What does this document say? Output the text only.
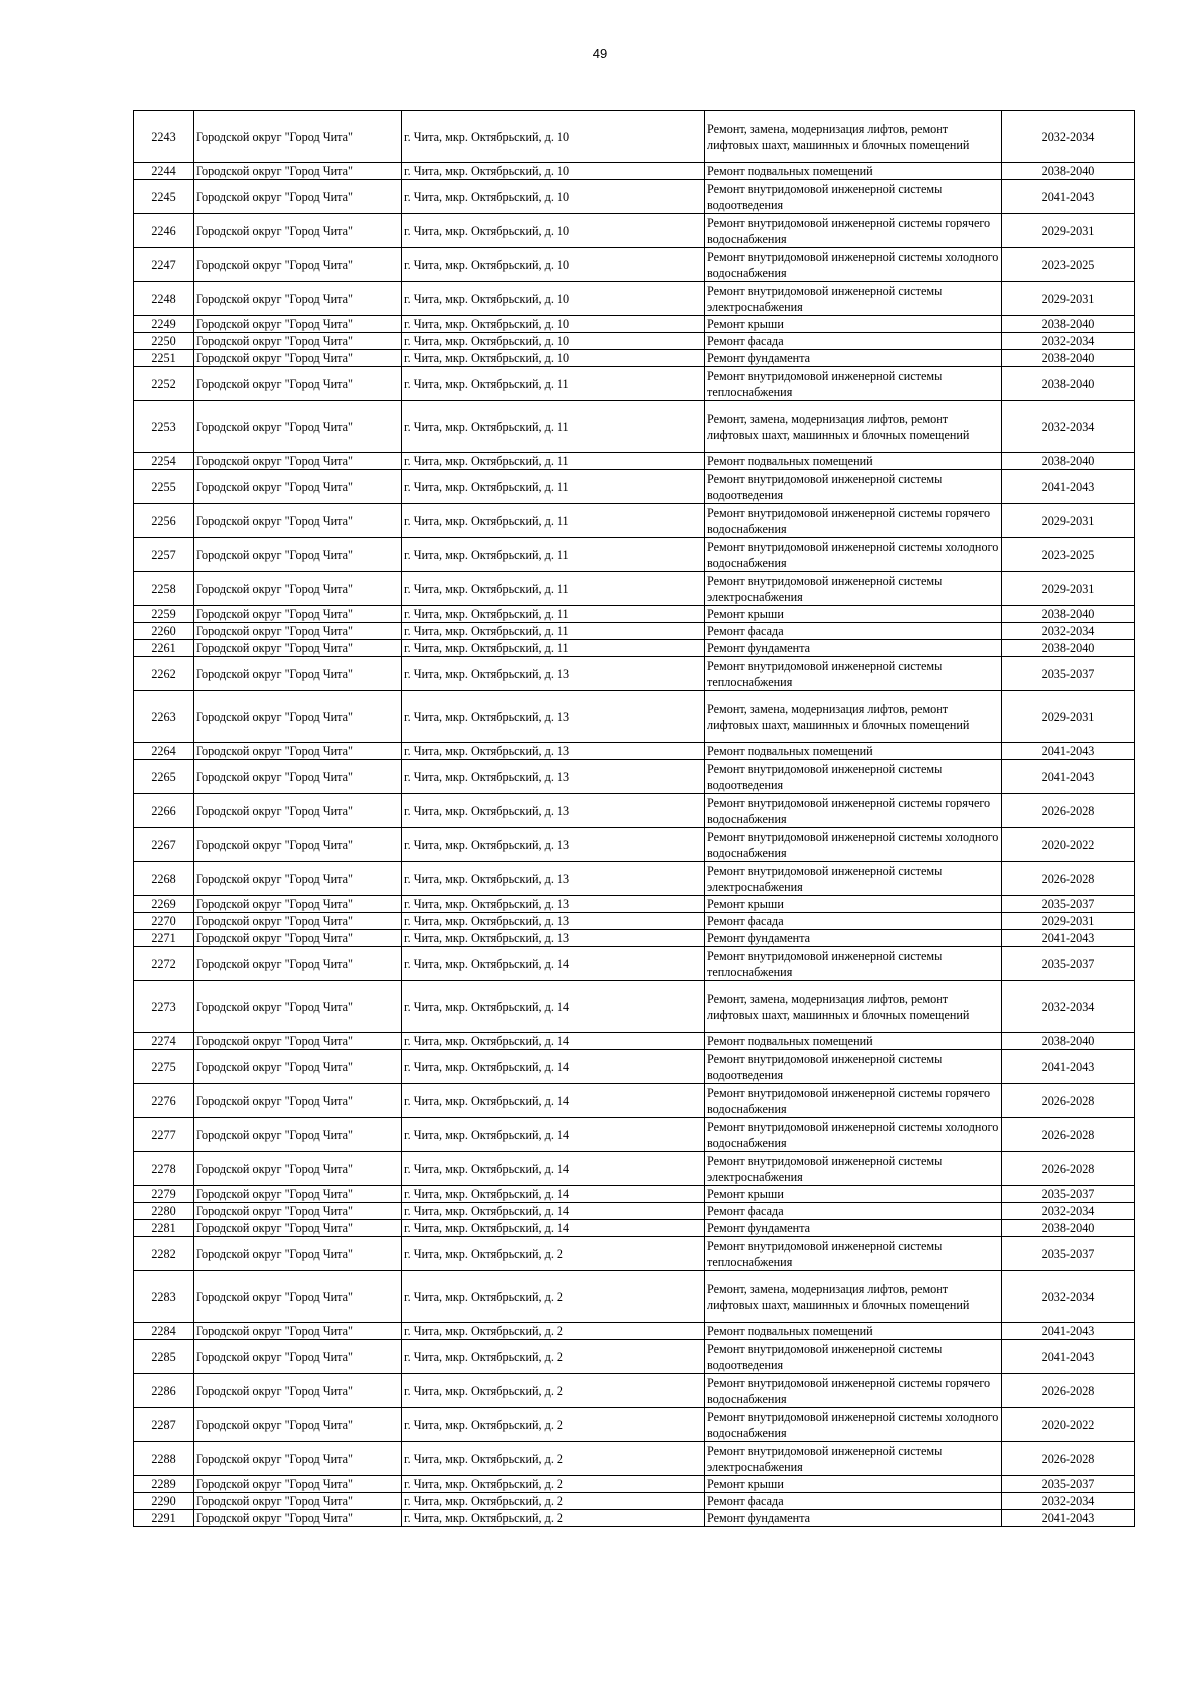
49
2243	Городской округ "Город Чита"	г. Чита, мкр. Октябрьский, д. 10	Ремонт, замена, модернизация лифтов, ремонт лифтовых шахт, машинных и блочных помещений	2032-2034
2244	Городской округ "Город Чита"	г. Чита, мкр. Октябрьский, д. 10	Ремонт подвальных помещений	2038-2040
2245	Городской округ "Город Чита"	г. Чита, мкр. Октябрьский, д. 10	Ремонт внутридомовой инженерной системы водоотведения	2041-2043
2246	Городской округ "Город Чита"	г. Чита, мкр. Октябрьский, д. 10	Ремонт внутридомовой инженерной системы горячего водоснабжения	2029-2031
2247	Городской округ "Город Чита"	г. Чита, мкр. Октябрьский, д. 10	Ремонт внутридомовой инженерной системы холодного водоснабжения	2023-2025
2248	Городской округ "Город Чита"	г. Чита, мкр. Октябрьский, д. 10	Ремонт внутридомовой инженерной системы электроснабжения	2029-2031
2249	Городской округ "Город Чита"	г. Чита, мкр. Октябрьский, д. 10	Ремонт крыши	2038-2040
2250	Городской округ "Город Чита"	г. Чита, мкр. Октябрьский, д. 10	Ремонт фасада	2032-2034
2251	Городской округ "Город Чита"	г. Чита, мкр. Октябрьский, д. 10	Ремонт фундамента	2038-2040
2252	Городской округ "Город Чита"	г. Чита, мкр. Октябрьский, д. 11	Ремонт внутридомовой инженерной системы теплоснабжения	2038-2040
2253	Городской округ "Город Чита"	г. Чита, мкр. Октябрьский, д. 11	Ремонт, замена, модернизация лифтов, ремонт лифтовых шахт, машинных и блочных помещений	2032-2034
2254	Городской округ "Город Чита"	г. Чита, мкр. Октябрьский, д. 11	Ремонт подвальных помещений	2038-2040
2255	Городской округ "Город Чита"	г. Чита, мкр. Октябрьский, д. 11	Ремонт внутридомовой инженерной системы водоотведения	2041-2043
2256	Городской округ "Город Чита"	г. Чита, мкр. Октябрьский, д. 11	Ремонт внутридомовой инженерной системы горячего водоснабжения	2029-2031
2257	Городской округ "Город Чита"	г. Чита, мкр. Октябрьский, д. 11	Ремонт внутридомовой инженерной системы холодного водоснабжения	2023-2025
2258	Городской округ "Город Чита"	г. Чита, мкр. Октябрьский, д. 11	Ремонт внутридомовой инженерной системы электроснабжения	2029-2031
2259	Городской округ "Город Чита"	г. Чита, мкр. Октябрьский, д. 11	Ремонт крыши	2038-2040
2260	Городской округ "Город Чита"	г. Чита, мкр. Октябрьский, д. 11	Ремонт фасада	2032-2034
2261	Городской округ "Город Чита"	г. Чита, мкр. Октябрьский, д. 11	Ремонт фундамента	2038-2040
2262	Городской округ "Город Чита"	г. Чита, мкр. Октябрьский, д. 13	Ремонт внутридомовой инженерной системы теплоснабжения	2035-2037
2263	Городской округ "Город Чита"	г. Чита, мкр. Октябрьский, д. 13	Ремонт, замена, модернизация лифтов, ремонт лифтовых шахт, машинных и блочных помещений	2029-2031
2264	Городской округ "Город Чита"	г. Чита, мкр. Октябрьский, д. 13	Ремонт подвальных помещений	2041-2043
2265	Городской округ "Город Чита"	г. Чита, мкр. Октябрьский, д. 13	Ремонт внутридомовой инженерной системы водоотведения	2041-2043
2266	Городской округ "Город Чита"	г. Чита, мкр. Октябрьский, д. 13	Ремонт внутридомовой инженерной системы горячего водоснабжения	2026-2028
2267	Городской округ "Город Чита"	г. Чита, мкр. Октябрьский, д. 13	Ремонт внутридомовой инженерной системы холодного водоснабжения	2020-2022
2268	Городской округ "Город Чита"	г. Чита, мкр. Октябрьский, д. 13	Ремонт внутридомовой инженерной системы электроснабжения	2026-2028
2269	Городской округ "Город Чита"	г. Чита, мкр. Октябрьский, д. 13	Ремонт крыши	2035-2037
2270	Городской округ "Город Чита"	г. Чита, мкр. Октябрьский, д. 13	Ремонт фасада	2029-2031
2271	Городской округ "Город Чита"	г. Чита, мкр. Октябрьский, д. 13	Ремонт фундамента	2041-2043
2272	Городской округ "Город Чита"	г. Чита, мкр. Октябрьский, д. 14	Ремонт внутридомовой инженерной системы теплоснабжения	2035-2037
2273	Городской округ "Город Чита"	г. Чита, мкр. Октябрьский, д. 14	Ремонт, замена, модернизация лифтов, ремонт лифтовых шахт, машинных и блочных помещений	2032-2034
2274	Городской округ "Город Чита"	г. Чита, мкр. Октябрьский, д. 14	Ремонт подвальных помещений	2038-2040
2275	Городской округ "Город Чита"	г. Чита, мкр. Октябрьский, д. 14	Ремонт внутридомовой инженерной системы водоотведения	2041-2043
2276	Городской округ "Город Чита"	г. Чита, мкр. Октябрьский, д. 14	Ремонт внутридомовой инженерной системы горячего водоснабжения	2026-2028
2277	Городской округ "Город Чита"	г. Чита, мкр. Октябрьский, д. 14	Ремонт внутридомовой инженерной системы холодного водоснабжения	2026-2028
2278	Городской округ "Город Чита"	г. Чита, мкр. Октябрьский, д. 14	Ремонт внутридомовой инженерной системы электроснабжения	2026-2028
2279	Городской округ "Город Чита"	г. Чита, мкр. Октябрьский, д. 14	Ремонт крыши	2035-2037
2280	Городской округ "Город Чита"	г. Чита, мкр. Октябрьский, д. 14	Ремонт фасада	2032-2034
2281	Городской округ "Город Чита"	г. Чита, мкр. Октябрьский, д. 14	Ремонт фундамента	2038-2040
2282	Городской округ "Город Чита"	г. Чита, мкр. Октябрьский, д. 2	Ремонт внутридомовой инженерной системы теплоснабжения	2035-2037
2283	Городской округ "Город Чита"	г. Чита, мкр. Октябрьский, д. 2	Ремонт, замена, модернизация лифтов, ремонт лифтовых шахт, машинных и блочных помещений	2032-2034
2284	Городской округ "Город Чита"	г. Чита, мкр. Октябрьский, д. 2	Ремонт подвальных помещений	2041-2043
2285	Городской округ "Город Чита"	г. Чита, мкр. Октябрьский, д. 2	Ремонт внутридомовой инженерной системы водоотведения	2041-2043
2286	Городской округ "Город Чита"	г. Чита, мкр. Октябрьский, д. 2	Ремонт внутридомовой инженерной системы горячего водоснабжения	2026-2028
2287	Городской округ "Город Чита"	г. Чита, мкр. Октябрьский, д. 2	Ремонт внутридомовой инженерной системы холодного водоснабжения	2020-2022
2288	Городской округ "Город Чита"	г. Чита, мкр. Октябрьский, д. 2	Ремонт внутридомовой инженерной системы электроснабжения	2026-2028
2289	Городской округ "Город Чита"	г. Чита, мкр. Октябрьский, д. 2	Ремонт крыши	2035-2037
2290	Городской округ "Город Чита"	г. Чита, мкр. Октябрьский, д. 2	Ремонт фасада	2032-2034
2291	Городской округ "Город Чита"	г. Чита, мкр. Октябрьский, д. 2	Ремонт фундамента	2041-2043
